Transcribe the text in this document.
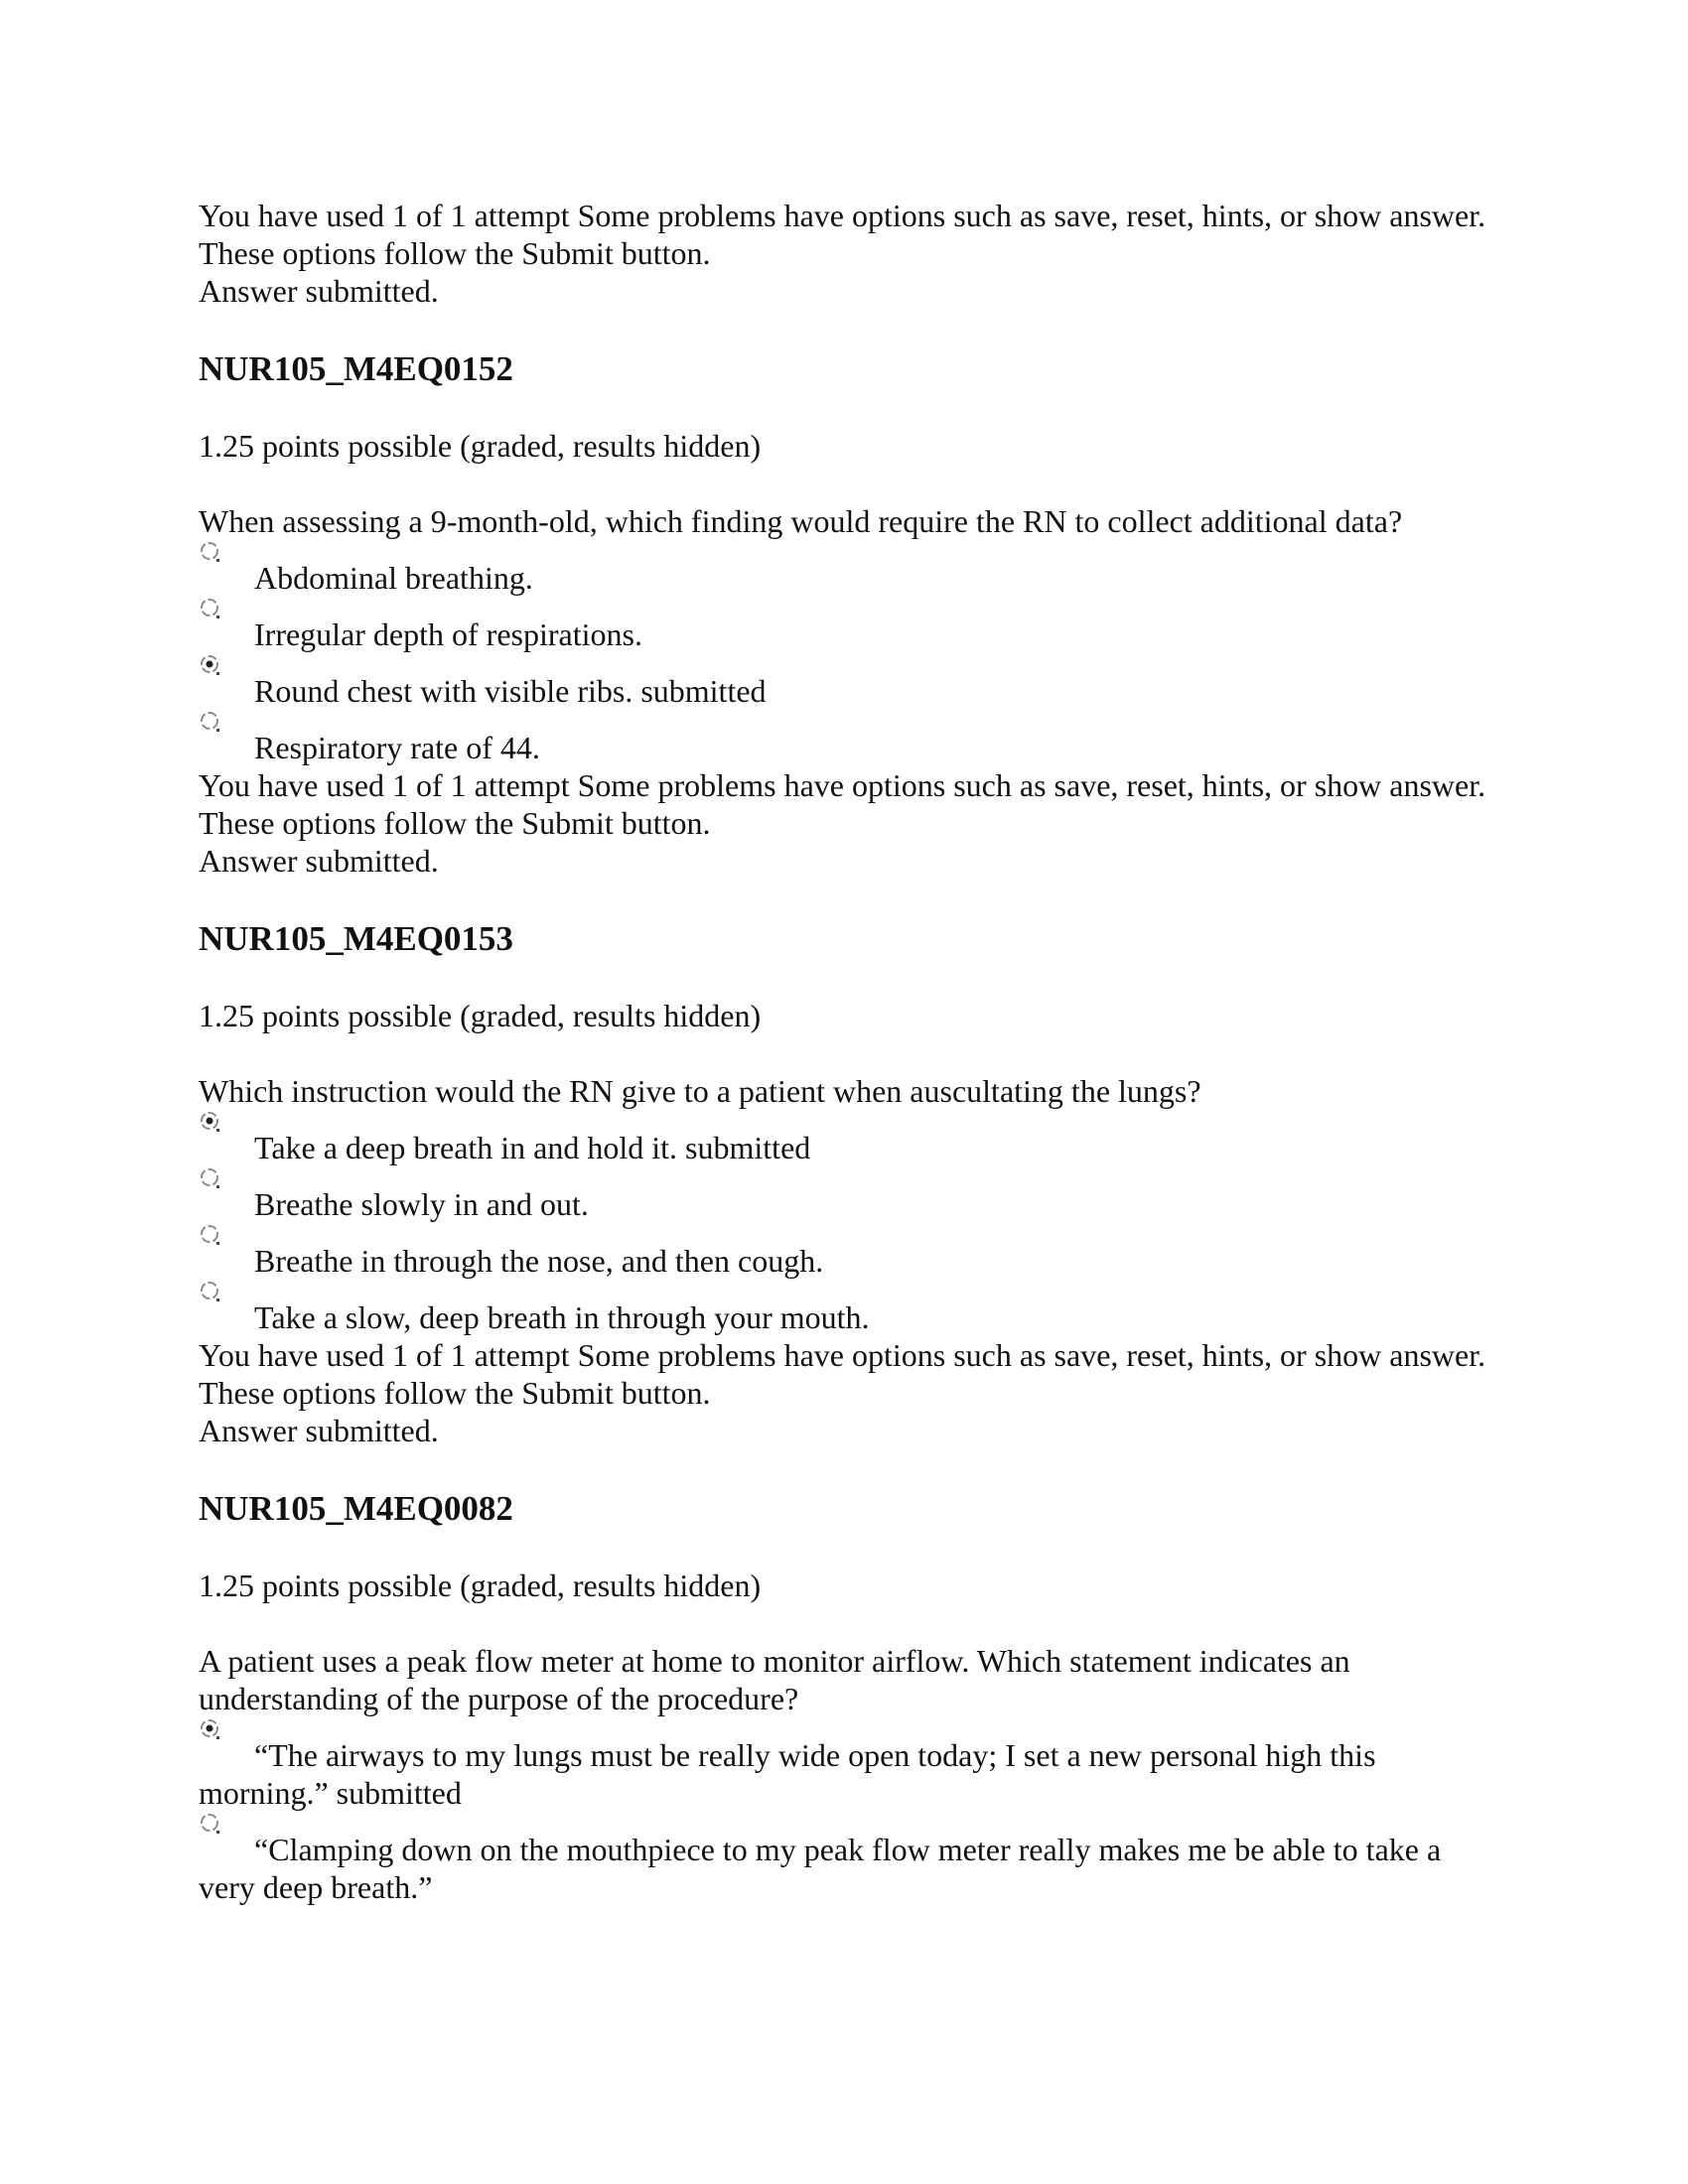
You have used 1 of 1 attempt Some problems have options such as save, reset, hints, or show answer. These options follow the Submit button.

Answer submitted.

NUR105_M4EQ0152

1.25 points possible (graded, results hidden)

When assessing a 9-month-old, which finding would require the RN to collect additional data?

Abdominal breathing.
Irregular depth of respirations.
Round chest with visible ribs. submitted
Respiratory rate of 44.

You have used 1 of 1 attempt Some problems have options such as save, reset, hints, or show answer. These options follow the Submit button.

Answer submitted.

NUR105_M4EQ0153

1.25 points possible (graded, results hidden)

Which instruction would the RN give to a patient when auscultating the lungs?

Take a deep breath in and hold it. submitted
Breathe slowly in and out.
Breathe in through the nose, and then cough.
Take a slow, deep breath in through your mouth.

You have used 1 of 1 attempt Some problems have options such as save, reset, hints, or show answer. These options follow the Submit button.

Answer submitted.

NUR105_M4EQ0082

1.25 points possible (graded, results hidden)

A patient uses a peak flow meter at home to monitor airflow. Which statement indicates an understanding of the purpose of the procedure?

“The airways to my lungs must be really wide open today; I set a new personal high this morning.” submitted
“Clamping down on the mouthpiece to my peak flow meter really makes me be able to take a very deep breath.”
